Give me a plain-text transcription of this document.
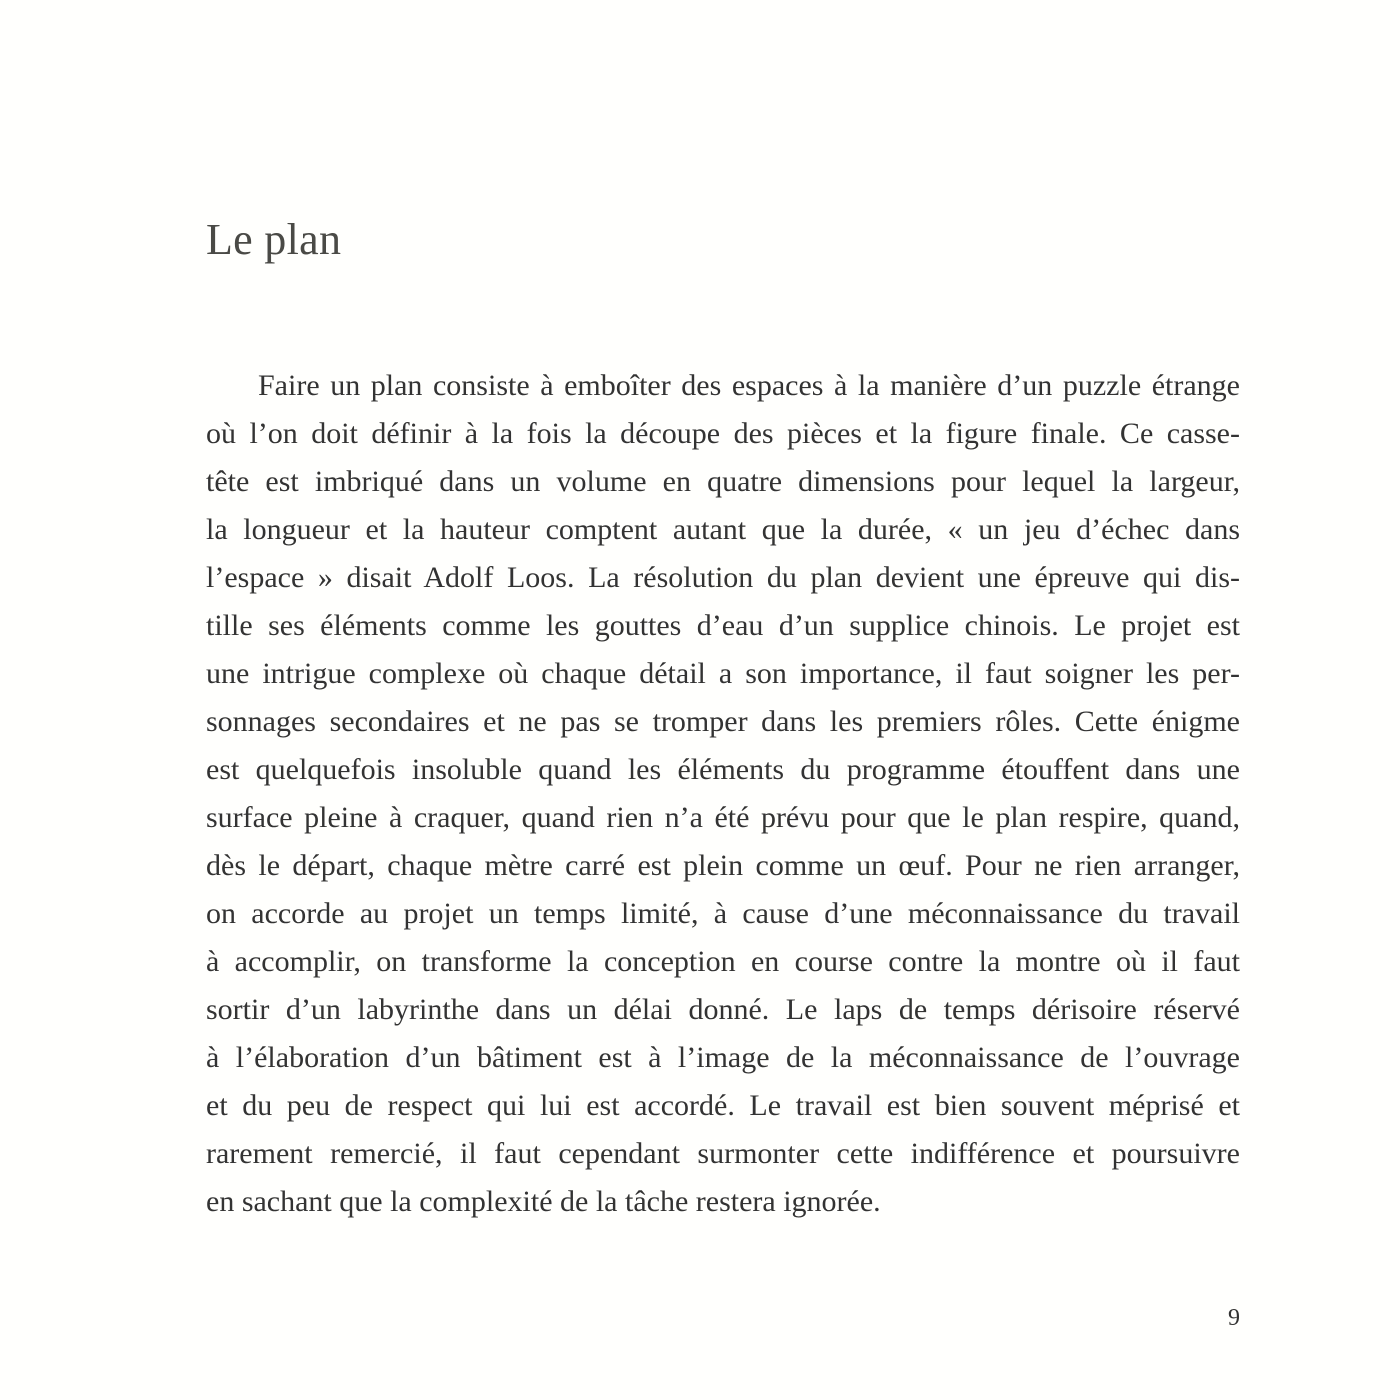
Le plan
Faire un plan consiste à emboîter des espaces à la manière d’un puzzle étrange
où l’on doit définir à la fois la découpe des pièces et la figure finale. Ce casse-
tête est imbriqué dans un volume en quatre dimensions pour lequel la largeur,
la longueur et la hauteur comptent autant que la durée, « un jeu d’échec dans
l’espace » disait Adolf Loos. La résolution du plan devient une épreuve qui dis-
tille ses éléments comme les gouttes d’eau d’un supplice chinois. Le projet est
une intrigue complexe où chaque détail a son importance, il faut soigner les per-
sonnages secondaires et ne pas se tromper dans les premiers rôles. Cette énigme
est quelquefois insoluble quand les éléments du programme étouffent dans une
surface pleine à craquer, quand rien n’a été prévu pour que le plan respire, quand,
dès le départ, chaque mètre carré est plein comme un œuf. Pour ne rien arranger,
on accorde au projet un temps limité, à cause d’une méconnaissance du travail
à accomplir, on transforme la conception en course contre la montre où il faut
sortir d’un labyrinthe dans un délai donné. Le laps de temps dérisoire réservé
à l’élaboration d’un bâtiment est à l’image de la méconnaissance de l’ouvrage
et du peu de respect qui lui est accordé. Le travail est bien souvent méprisé et
rarement remercié, il faut cependant surmonter cette indifférence et poursuivre
en sachant que la complexité de la tâche restera ignorée.
9
